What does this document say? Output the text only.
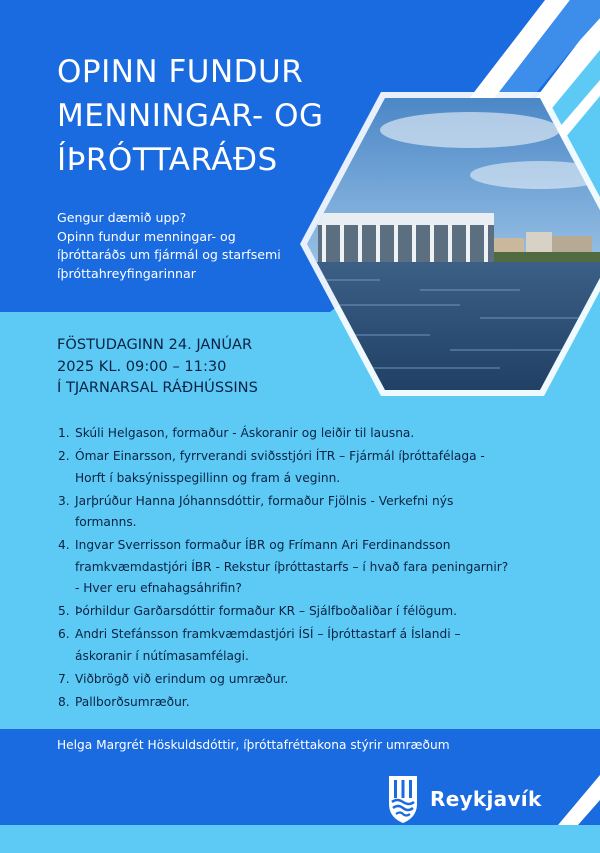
OPINN FUNDUR
MENNINGAR- OG
ÍÞRÓTTARÁÐS
Gengur dæmið upp?
Opinn fundur menningar- og
íþróttaráðs um fjármál og starfsemi
íþróttahreyfingarinnar
FÖSTUDAGINN 24. JANÚAR
2025 KL. 09:00 – 11:30
Í TJARNARSAL RÁÐHÚSSINS
1. Skúli Helgason, formaður - Áskoranir og leiðir til lausna.
2. Ómar Einarsson, fyrrverandi sviðsstjóri ÍTR – Fjármál íþróttafélaga -
Horft í baksýnisspegillinn og fram á veginn.
3. Jarþrúður Hanna Jóhannsdóttir, formaður Fjölnis - Verkefni nýs
formanns.
4. Ingvar Sverrisson formaður ÍBR og Frímann Ari Ferdinandsson
framkvæmdastjóri ÍBR - Rekstur íþróttastarfs – í hvað fara peningarnir?
- Hver eru efnahagsáhrifin?
5. Þórhildur Garðarsdóttir formaður KR – Sjálfboðaliðar í félögum.
6. Andri Stefánsson framkvæmdastjóri ÍSÍ – Íþróttastarf á Íslandi –
áskoranir í nútímasamfélagi.
7. Viðbrögð við erindum og umræður.
8. Pallborðsumræður.
Helga Margrét Höskuldsdóttir, íþróttafréttakona stýrir umræðum
Reykjavík
